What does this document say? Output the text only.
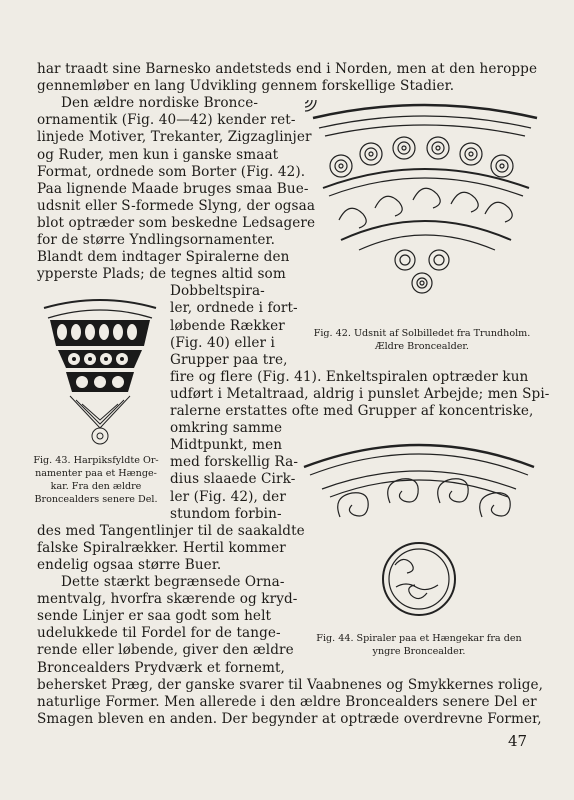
har traadt sine Barnesko andetsteds end i Norden, men at den heroppe
gennemløber en lang Udvikling gennem forskellige Stadier.
Den ældre nordiske Bronce-
ornamentik (Fig. 40—42) kender ret-
linjede Motiver, Trekanter, Zigzaglinjer
og Ruder, men kun i ganske smaat
Format, ordnede som Borter (Fig. 42).
Paa lignende Maade bruges smaa Bue-
udsnit eller S-formede Slyng, der ogsaa
blot optræder som beskedne Ledsagere
for de større Yndlingsornamenter.
Blandt dem indtager Spiralerne den
ypperste Plads; de tegnes altid som
Dobbeltspira-
ler, ordnede i fort-
løbende Rækker
(Fig. 40) eller i
Grupper paa tre,
fire og flere (Fig. 41). Enkeltspiralen optræder kun
udført i Metaltraad, aldrig i punslet Arbejde; men Spi-
ralerne erstattes ofte med Grupper af koncentriske,
omkring samme
Midtpunkt, men
med forskellig Ra-
dius slaaede Cirk-
ler (Fig. 42), der
stundom forbin-
des med Tangentlinjer til de saakaldte
falske Spiralrækker. Hertil kommer
endelig ogsaa større Buer.
Dette stærkt begrænsede Orna-
mentvalg, hvorfra skærende og kryd-
sende Linjer er saa godt som helt
udelukkede til Fordel for de tange-
rende eller løbende, giver den ældre
Broncealders Prydværk et fornemt,
behersket Præg, der ganske svarer til Vaabnenes og Smykkernes rolige,
naturlige Former. Men allerede i den ældre Broncealders senere Del er
Smagen bleven en anden. Der begynder at optræde overdrevne Former,
Fig. 42. Udsnit af Solbilledet fra Trundholm.
Ældre Broncealder.
Fig. 43. Harpiksfyldte Or-
namenter paa et Hænge-
kar. Fra den ældre
Broncealders senere Del.
Fig. 44. Spiraler paa et Hængekar fra den
yngre Broncealder.
47
